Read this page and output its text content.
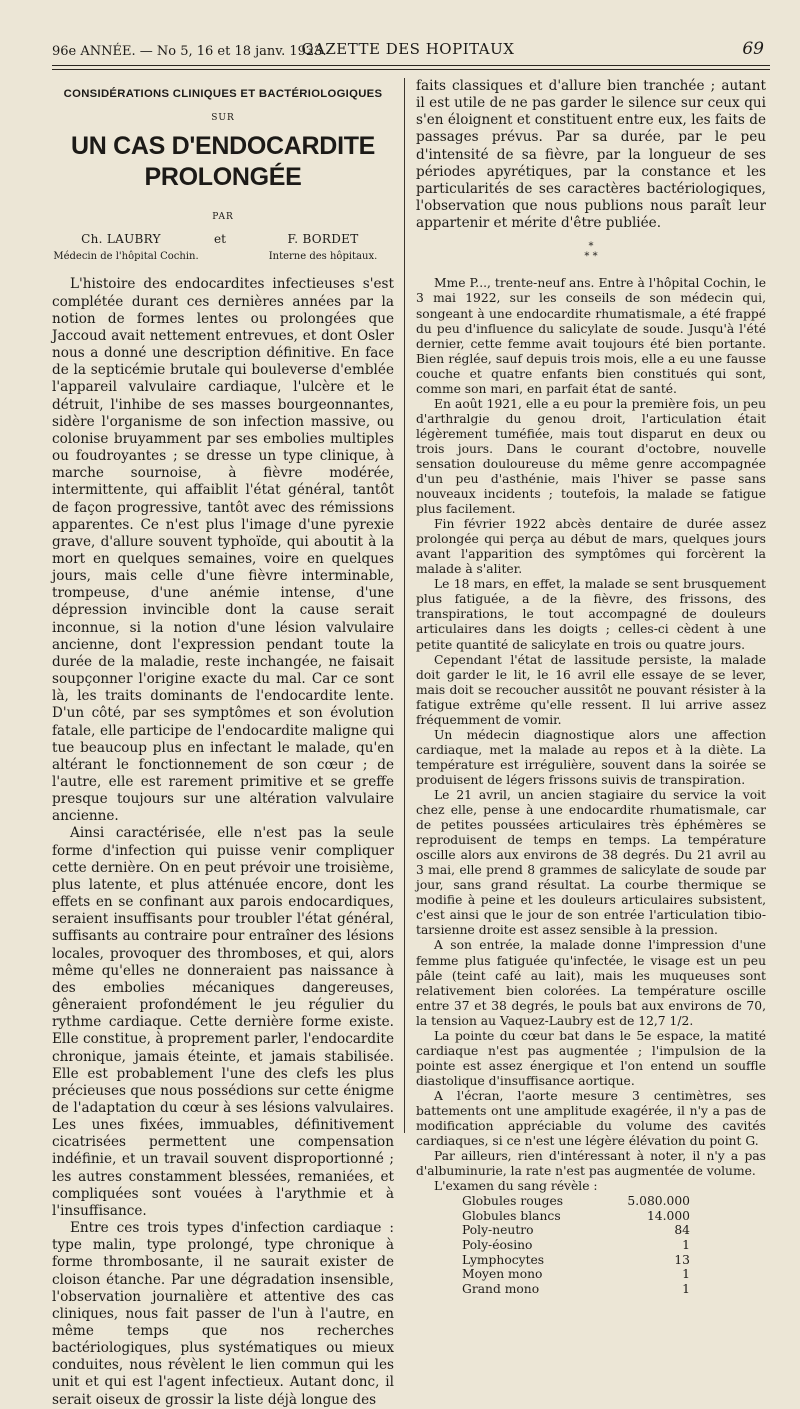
96e ANNÉE. — No 5, 16 et 18 janv. 1923.
GAZETTE DES HOPITAUX	69
CONSIDÉRATIONS CLINIQUES ET BACTÉRIOLOGIQUES
SUR
UN CAS D'ENDOCARDITE PROLONGÉE
PAR
Ch. LAUBRY	et	F. BORDET
Médecin de l'hôpital Cochin.	Interne des hôpitaux.

L'histoire des endocardites infectieuses s'est complétée durant ces dernières années par la notion de formes lentes ou prolongées que Jaccoud avait nettement entrevues, et dont Osler nous a donné une description définitive. En face de la septicémie brutale qui bouleverse d'emblée l'appareil valvulaire cardiaque, l'ulcère et le détruit, l'inhibe de ses masses bourgeonnantes, sidère l'organisme de son infection massive, ou colonise bruyamment par ses embolies multiples ou foudroyantes ; se dresse un type clinique, à marche sournoise, à fièvre modérée, intermittente, qui affaiblit l'état général, tantôt de façon progressive, tantôt avec des rémissions apparentes. Ce n'est plus l'image d'une pyrexie grave, d'allure souvent typhoïde, qui aboutit à la mort en quelques semaines, voire en quelques jours, mais celle d'une fièvre interminable, trompeuse, d'une anémie intense, d'une dépression invincible dont la cause serait inconnue, si la notion d'une lésion valvulaire ancienne, dont l'expression pendant toute la durée de la maladie, reste inchangée, ne faisait soupçonner l'origine exacte du mal. Car ce sont là, les traits dominants de l'endocardite lente. D'un côté, par ses symptômes et son évolution fatale, elle participe de l'endocardite maligne qui tue beaucoup plus en infectant le malade, qu'en altérant le fonctionnement de son cœur ; de l'autre, elle est rarement primitive et se greffe presque toujours sur une altération valvulaire ancienne.

Ainsi caractérisée, elle n'est pas la seule forme d'infection qui puisse venir compliquer cette dernière. On en peut prévoir une troisième, plus latente, et plus atténuée encore, dont les effets en se confinant aux parois endocardiques, seraient insuffisants pour troubler l'état général, suffisants au contraire pour entraîner des lésions locales, provoquer des thromboses, et qui, alors même qu'elles ne donneraient pas naissance à des embolies mécaniques dangereuses, gêneraient profondément le jeu régulier du rythme cardiaque. Cette dernière forme existe. Elle constitue, à proprement parler, l'endocardite chronique, jamais éteinte, et jamais stabilisée. Elle est probablement l'une des clefs les plus précieuses que nous possédions sur cette énigme de l'adaptation du cœur à ses lésions valvulaires. Les unes fixées, immuables, définitivement cicatrisées permettent une compensation indéfinie, et un travail souvent disproportionné ; les autres constamment blessées, remaniées, et compliquées sont vouées à l'arythmie et à l'insuffisance.

Entre ces trois types d'infection cardiaque : type malin, type prolongé, type chronique à forme thrombosante, il ne saurait exister de cloison étanche. Par une dégradation insensible, l'observation journalière et attentive des cas cliniques, nous fait passer de l'un à l'autre, en même temps que nos recherches bactériologiques, plus systématiques ou mieux conduites, nous révèlent le lien commun qui les unit et qui est l'agent infectieux. Autant donc, il serait oiseux de grossir la liste déjà longue des

faits classiques et d'allure bien tranchée ; autant il est utile de ne pas garder le silence sur ceux qui s'en éloignent et constituent entre eux, les faits de passages prévus. Par sa durée, par le peu d'intensité de sa fièvre, par la longueur de ses périodes apyrétiques, par la constance et les particularités de ses caractères bactériologiques, l'observation que nous publions nous paraît leur appartenir et mérite d'être publiée.

*
* *

Mme P..., trente-neuf ans. Entre à l'hôpital Cochin, le 3 mai 1922, sur les conseils de son médecin qui, songeant à une endocardite rhumatismale, a été frappé du peu d'influence du salicylate de soude. Jusqu'à l'été dernier, cette femme avait toujours été bien portante. Bien réglée, sauf depuis trois mois, elle a eu une fausse couche et quatre enfants bien constitués qui sont, comme son mari, en parfait état de santé.

En août 1921, elle a eu pour la première fois, un peu d'arthralgie du genou droit, l'articulation était légèrement tuméfiée, mais tout disparut en deux ou trois jours. Dans le courant d'octobre, nouvelle sensation douloureuse du même genre accompagnée d'un peu d'asthénie, mais l'hiver se passe sans nouveaux incidents ; toutefois, la malade se fatigue plus facilement.

Fin février 1922 abcès dentaire de durée assez prolongée qui perça au début de mars, quelques jours avant l'apparition des symptômes qui forcèrent la malade à s'aliter.

Le 18 mars, en effet, la malade se sent brusquement plus fatiguée, a de la fièvre, des frissons, des transpirations, le tout accompagné de douleurs articulaires dans les doigts ; celles-ci cèdent à une petite quantité de salicylate en trois ou quatre jours.

Cependant l'état de lassitude persiste, la malade doit garder le lit, le 16 avril elle essaye de se lever, mais doit se recoucher aussitôt ne pouvant résister à la fatigue extrême qu'elle ressent. Il lui arrive assez fréquemment de vomir.

Un médecin diagnostique alors une affection cardiaque, met la malade au repos et à la diète. La température est irrégulière, souvent dans la soirée se produisent de légers frissons suivis de transpiration.

Le 21 avril, un ancien stagiaire du service la voit chez elle, pense à une endocardite rhumatismale, car de petites poussées articulaires très éphémères se reproduisent de temps en temps. La température oscille alors aux environs de 38 degrés. Du 21 avril au 3 mai, elle prend 8 grammes de salicylate de soude par jour, sans grand résultat. La courbe thermique se modifie à peine et les douleurs articulaires subsistent, c'est ainsi que le jour de son entrée l'articulation tibio-tarsienne droite est assez sensible à la pression.

A son entrée, la malade donne l'impression d'une femme plus fatiguée qu'infectée, le visage est un peu pâle (teint café au lait), mais les muqueuses sont relativement bien colorées. La température oscille entre 37 et 38 degrés, le pouls bat aux environs de 70, la tension au Vaquez-Laubry est de 12,7 1/2.

La pointe du cœur bat dans le 5e espace, la matité cardiaque n'est pas augmentée ; l'impulsion de la pointe est assez énergique et l'on entend un souffle diastolique d'insuffisance aortique.

A l'écran, l'aorte mesure 3 centimètres, ses battements ont une amplitude exagérée, il n'y a pas de modification appréciable du volume des cavités cardiaques, si ce n'est une légère élévation du point G.

Par ailleurs, rien d'intéressant à noter, il n'y a pas d'albuminurie, la rate n'est pas augmentée de volume.

L'examen du sang révèle :

Globules rouges	5.080.000
Globules blancs	14.000
Poly-neutro	84
Poly-éosino	1
Lymphocytes	13
Moyen mono	1
Grand mono	1
